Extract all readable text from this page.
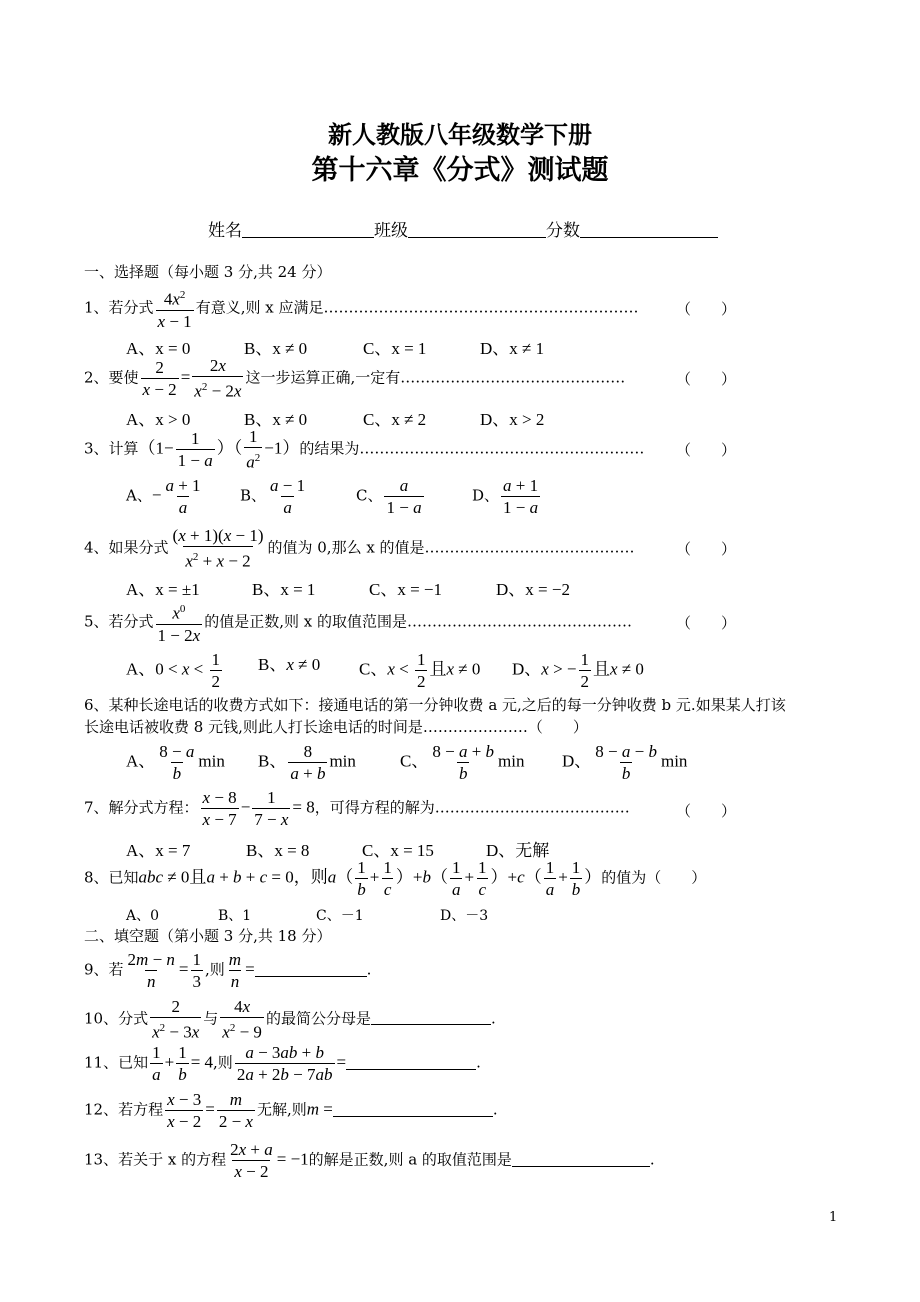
新人教版八年级数学下册
第十六章《分式》测试题
姓名	班级	分数
一、选择题（每小题 3 分,共 24 分）
1、若分式 $\frac{4x^2}{x - 1}$ 有意义,则 x 应满足………………………………………………………	（　　）
A、x = 0	B、x ≠ 0	C、x = 1	D、x ≠ 1
2、要使 $\frac{2}{x - 2} = \frac{2x}{x^2 - 2x}$ 这一步运算正确,一定有………………………………………	（　　）
A、x > 0	B、x ≠ 0	C、x ≠ 2	D、x > 2
3、计算（$1- \frac{1}{1 - a}$ ）（ $\frac{1}{a^2} -1$）的结果为………………………………………………… （　　）
A、− $\frac{a + 1}{a}$ B、 $\frac{a - 1}{a}$	C、 $\frac{a}{1 - a}$	D、 $\frac{a + 1}{1 - a}$
4、如果分式 $\frac{(x + 1)(x - 1)}{x^2 + x - 2}$ 的值为 0,那么 x 的值是……………………………………	（　　）
A、x = ±1	B、x = 1	C、x = −1	D、x = −2
5、若分式 $\frac{x^0}{1 - 2x}$ 的值是正数,则 x 的取值范围是………………………………………	（　　）
A、$0 < x < \frac{1}{2}$ B、x ≠ 0 C、$x < \frac{1}{2}$ 且x ≠ 0 D、x > − $\frac{1}{2}$ 且x ≠ 0
6、某种长途电话的收费方式如下：接通电话的第一分钟收费 a 元,之后的每一分钟收费 b 元.如果某人打该
长途电话被收费 8 元钱,则此人打长途电话的时间是…………………（　　）
A、 $\frac{8 - a}{b}$ min B、 $\frac{8}{a + b}$ min	C、 $\frac{8 - a + b}{b}$ min D、 $\frac{8 - a - b}{b}$ min
7、解分式方程： $\frac{x - 8}{x - 7} - \frac{1}{7 - x} = 8$，可得方程的解为…………………………………	（　　）
A、x = 7	B、x = 8	C、x = 15	D、无解
8、已知abc ≠ 0且a + b + c = 0，则$a( \frac{1}{b} + \frac{1}{c} )+b( \frac{1}{a} + \frac{1}{c} )+c( \frac{1}{a} + \frac{1}{b}$ ）的值为（　　）
A、0	B、1	C、－1	D、－3
二、填空题（第小题 3 分,共 18 分）
9、若 $\frac{2m - n}{n} = \frac{1}{3}$ ,则 $\frac{m}{n}$ =	.
10、分式 $\frac{2}{x^2 - 3x}$ 与 $\frac{4x}{x^2 - 9}$ 的最简公分母是	.
11、已知 $\frac{1}{a} + \frac{1}{b} = 4$,则 $\frac{a - 3ab + b}{2a + 2b - 7ab}$ =	.
12、若方程 $\frac{x - 3}{x - 2} = \frac{m}{2 - x}$ 无解,则m =	.
13、若关于 x 的方程 $\frac{2x + a}{x - 2} = -1$的解是正数,则 a 的取值范围是	.
1
